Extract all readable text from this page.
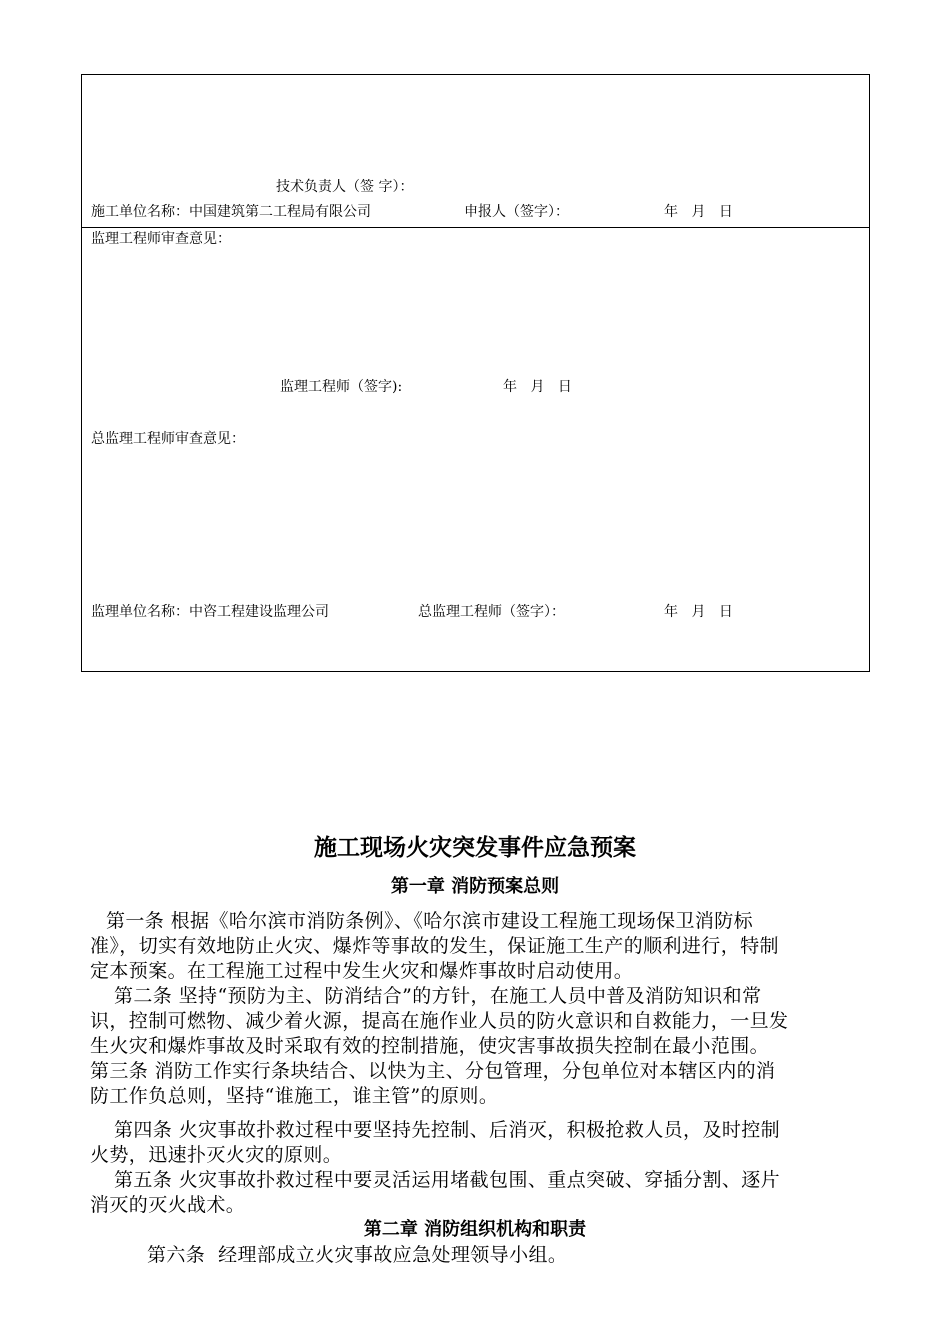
技术负责人（签 字）：
施工单位名称：中国建筑第二工程局有限公司	申报人（签字）：	年 月 日
监理工程师审查意见：
监理工程师（签字):	年 月 日
总监理工程师审查意见：
监理单位名称：中咨工程建设监理公司	总监理工程师（签字）：	年 月 日
施工现场火灾突发事件应急预案
第一章 消防预案总则
第一条 根据《哈尔滨市消防条例》、《哈尔滨市建设工程施工现场保卫消防标
准》，切实有效地防止火灾、爆炸等事故的发生，保证施工生产的顺利进行，特制
定本预案。在工程施工过程中发生火灾和爆炸事故时启动使用。
第二条 坚持“预防为主、防消结合”的方针，在施工人员中普及消防知识和常
识，控制可燃物、减少着火源，提高在施作业人员的防火意识和自救能力，一旦发
生火灾和爆炸事故及时采取有效的控制措施，使灾害事故损失控制在最小范围。
第三条 消防工作实行条块结合、以快为主、分包管理，分包单位对本辖区内的消
防工作负总则，坚持“谁施工，谁主管”的原则。
第四条 火灾事故扑救过程中要坚持先控制、后消灭，积极抢救人员，及时控制
火势，迅速扑灭火灾的原则。
第五条 火灾事故扑救过程中要灵活运用堵截包围、重点突破、穿插分割、逐片
消灭的灭火战术。
第二章 消防组织机构和职责
第六条  经理部成立火灾事故应急处理领导小组。
